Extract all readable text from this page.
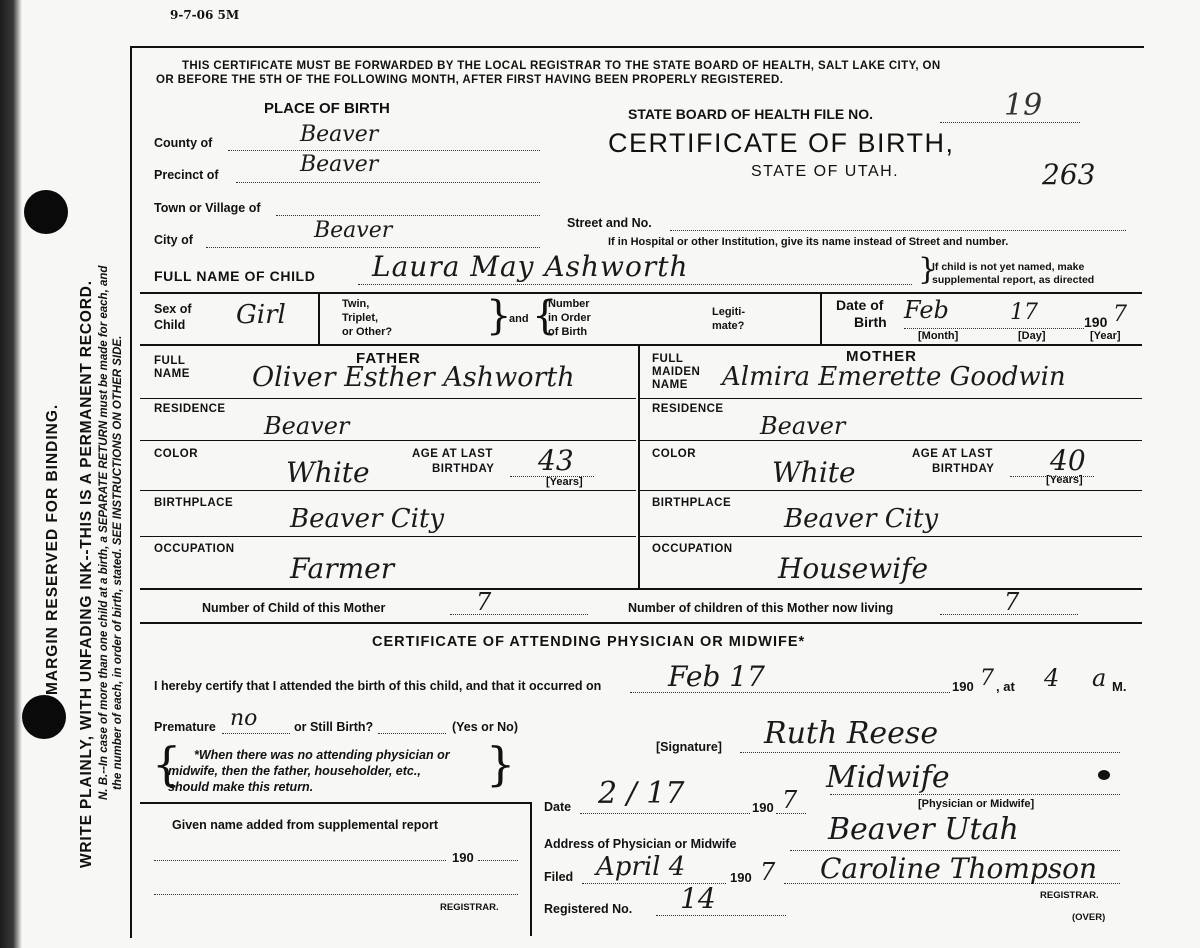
9-7-06 5M
WRITE PLAINLY, WITH UNFADING INK--THIS IS A PERMANENT RECORD.
MARGIN RESERVED FOR BINDING.	N. B.--In case of more than one child at a birth, a SEPARATE RETURN must be made for each, and the number of each, in order of birth, stated. SEE INSTRUCTIONS ON OTHER SIDE.
THIS CERTIFICATE MUST BE FORWARDED BY THE LOCAL REGISTRAR TO THE STATE BOARD OF HEALTH, SALT LAKE CITY, ON
OR BEFORE THE 5TH OF THE FOLLOWING MONTH, AFTER FIRST HAVING BEEN PROPERLY REGISTERED.
PLACE OF BIRTH	STATE BOARD OF HEALTH FILE NO.	19
CERTIFICATE OF BIRTH,
STATE OF UTAH.	263
County of	Beaver
Precinct of	Beaver
Town or Village of
City of	Beaver	Street and No.
If in Hospital or other Institution, give its name instead of Street and number.
FULL NAME OF CHILD Laura May Ashworth	}
If child is not yet named, make
supplemental report, as directed
Sex of
Child Girl	Twin,
Triplet,
or Other? }
and {
Number
in Order
of Birth
Legiti-
mate?
Date of
Birth Feb	17	190 7
[Month]	[Day]	[Year]
FATHER
FULL
NAME Oliver Esther Ashworth
RESIDENCE
Beaver
COLOR
White
AGE AT LAST
BIRTHDAY 43
[Years]
BIRTHPLACE
Beaver City
OCCUPATION
Farmer
MOTHER
FULL
MAIDEN
NAME Almira Emerette Goodwin
RESIDENCE
Beaver
COLOR
White
AGE AT LAST
BIRTHDAY 40
[Years]
BIRTHPLACE
Beaver City
OCCUPATION
Housewife
Number of Child of this Mother	7	Number of children of this Mother now living	7
CERTIFICATE OF ATTENDING PHYSICIAN OR MIDWIFE*
I hereby certify that I attended the birth of this child, and that it occurred on Feb 17	190 7 , at 4 a M.
Premature no	or Still Birth?	(Yes or No)
{ *When there was no attending physician or
midwife, then the father, householder, etc.,
should make this return.	}	[Signature] Ruth Reese
Midwife
[Physician or Midwife]
Given name added from supplemental report
190
REGISTRAR.
Date 2 / 17	190 7
Address of Physician or Midwife	Beaver Utah
Filed April 4	190 7 Caroline Thompson
REGISTRAR.
Registered No. 14
(OVER)
